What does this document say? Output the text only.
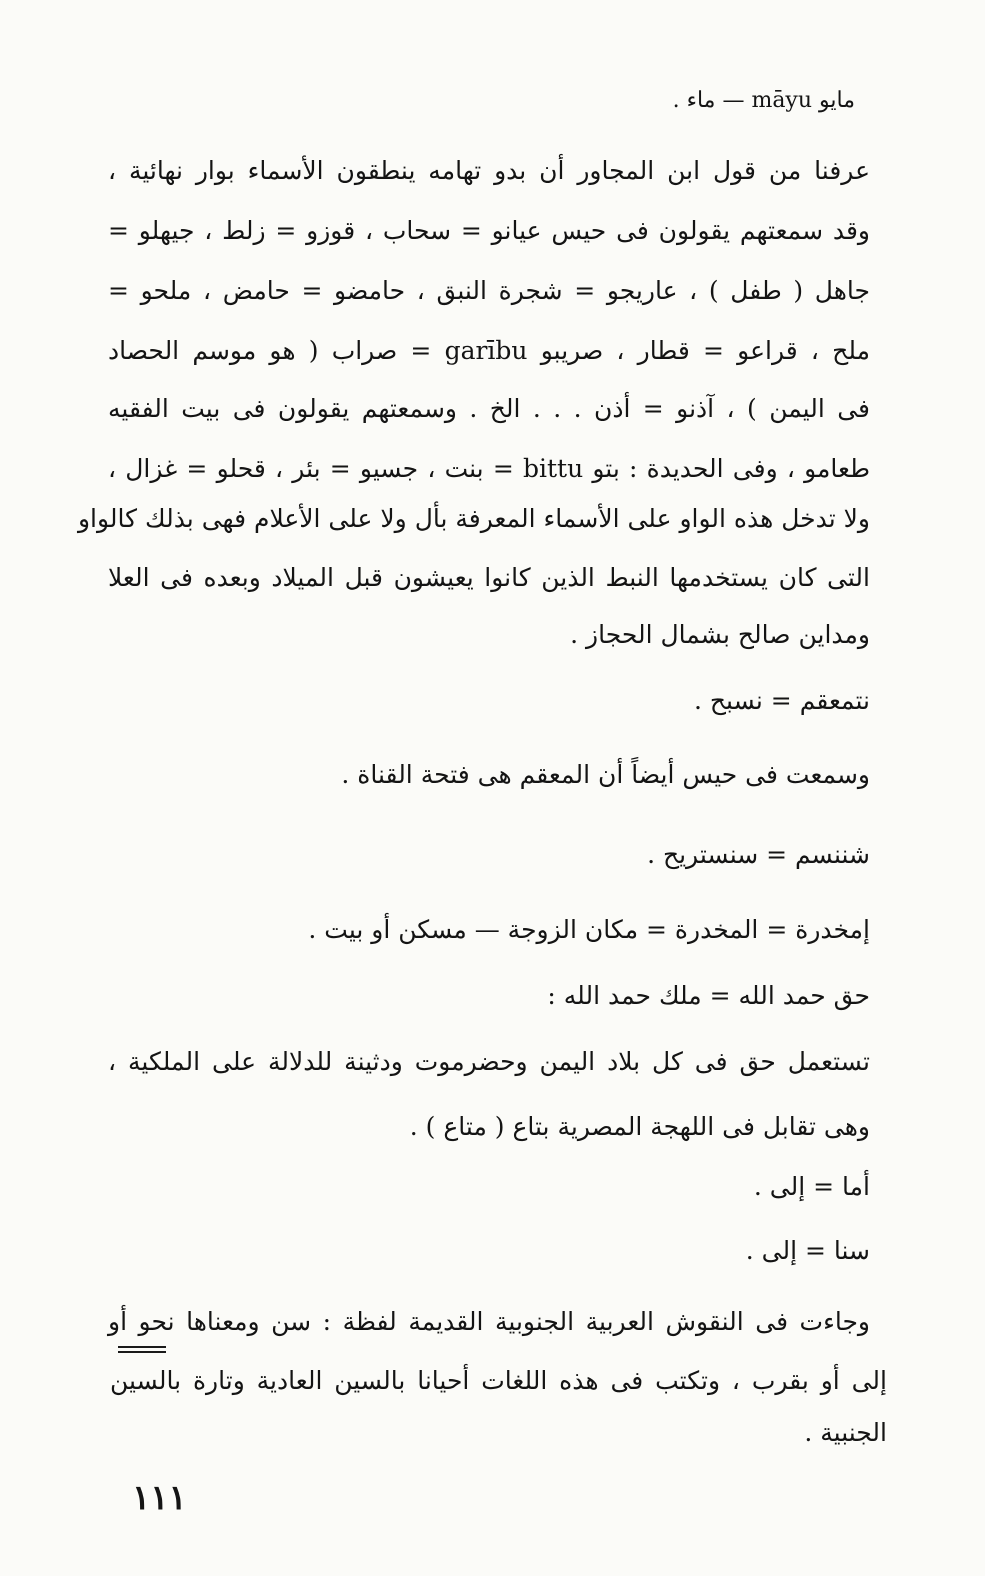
مايو māyu — ماء .
عرفنا من قول ابن المجاور أن بدو تهامه ينطقون الأسماء بوار نهائية ،
وقد سمعتهم يقولون فى حيس عيانو = سحاب ، قوزو = زلط ، جيهلو =
جاهل ( طفل ) ، عاريجو = شجرة النبق ، حامضو = حامض ، ملحو =
ملح ، قراعو = قطار ، صريبو garību = صراب ( هو موسم الحصاد
فى اليمن ) ، آذنو = أذن . . . الخ . وسمعتهم يقولون فى بيت الفقيه
طعامو ، وفى الحديدة : بتو bittu = بنت ، جسيو = بئر ، قحلو = غزال ،
ولا تدخل هذه الواو على الأسماء المعرفة بأل ولا على الأعلام فهى بذلك كالواو
التى كان يستخدمها النبط الذين كانوا يعيشون قبل الميلاد وبعده فى العلا
ومداين صالح بشمال الحجاز .
نتمعقم = نسبح .
وسمعت فى حيس أيضاً أن المعقم هى فتحة القناة .
شننسم = سنستريح .
إمخدرة = المخدرة = مكان الزوجة — مسكن أو بيت .
حق حمد الله = ملك حمد الله :
تستعمل حق فى كل بلاد اليمن وحضرموت ودثينة للدلالة على الملكية ،
وهى تقابل فى اللهجة المصرية بتاع ( متاع ) .
أما = إلى .
سنا = إلى .
وجاءت فى النقوش العربية الجنوبية القديمة لفظة : سن ومعناها نحو أو
إلى أو بقرب ، وتكتب فى هذه اللغات أحيانا بالسين العادية وتارة بالسين
الجنبية .
١١١
